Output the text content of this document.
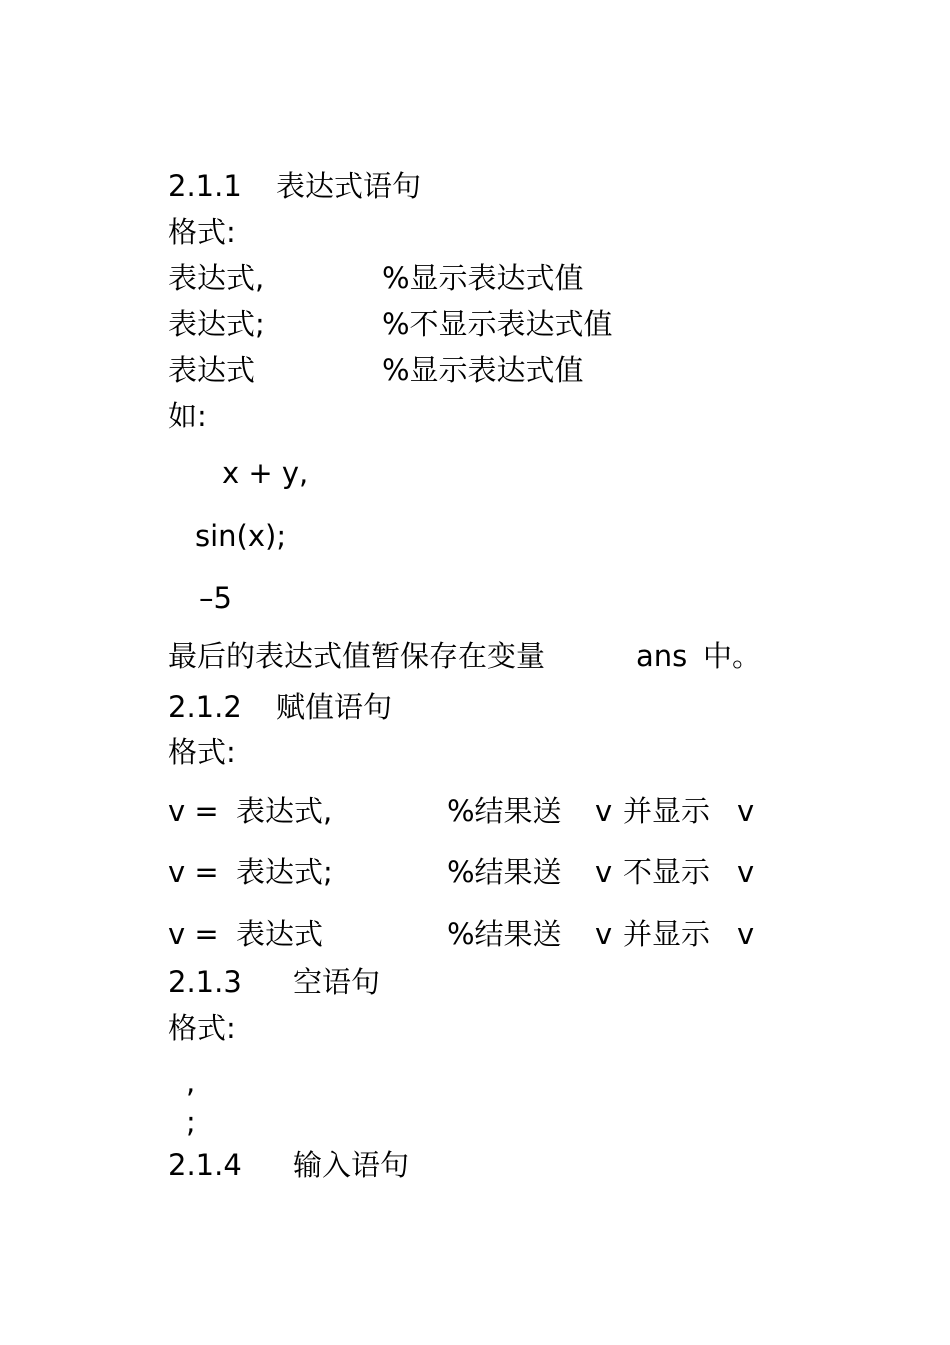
2.1.1 表达式语句
格式:
表达式,	%显示表达式值
表达式;	%不显示表达式值
表达式	%显示表达式值
如:
x + y,
sin(x);
–5
最后的表达式值暂保存在变量	ans 中。
2.1.2 赋值语句
格式:
v = 表达式,	%结果送 v 并显示 v
v = 表达式;	%结果送 v 不显示 v
v = 表达式	%结果送 v 并显示 v
2.1.3 空语句
格式:
,
;
2.1.4 输入语句
